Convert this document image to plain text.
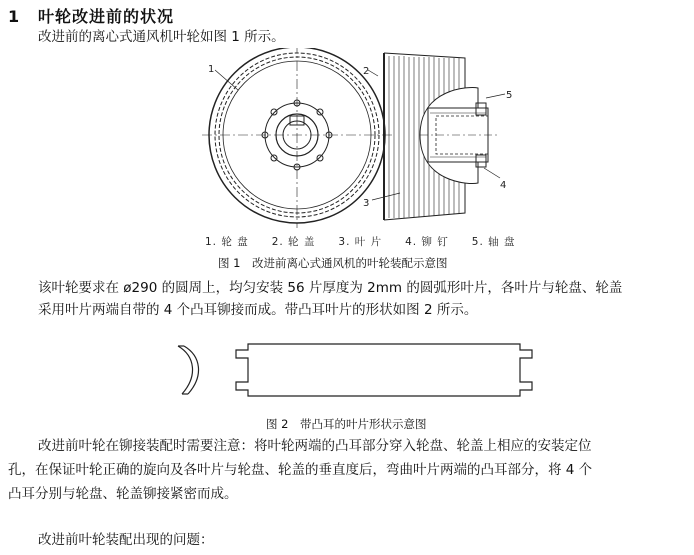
1 叶轮改进前的状况
改进前的离心式通风机叶轮如图 1 所示。
1	2
3
4
5
1. 轮 盘　　2. 轮 盖　　3. 叶 片　　4. 铆 钉　　5. 轴 盘
图 1　改进前离心式通风机的叶轮装配示意图
该叶轮要求在 ø290 的圆周上，均匀安装 56 片厚度为 2mm 的圆弧形叶片，各叶片与轮盘、轮盖
采用叶片两端自带的 4 个凸耳铆接而成。带凸耳叶片的形状如图 2 所示。
图 2　带凸耳的叶片形状示意图
改进前叶轮在铆接装配时需要注意：将叶轮两端的凸耳部分穿入轮盘、轮盖上相应的安装定位
孔，在保证叶轮正确的旋向及各叶片与轮盘、轮盖的垂直度后，弯曲叶片两端的凸耳部分，将 4 个
凸耳分别与轮盘、轮盖铆接紧密而成。
改进前叶轮装配出现的问题：
